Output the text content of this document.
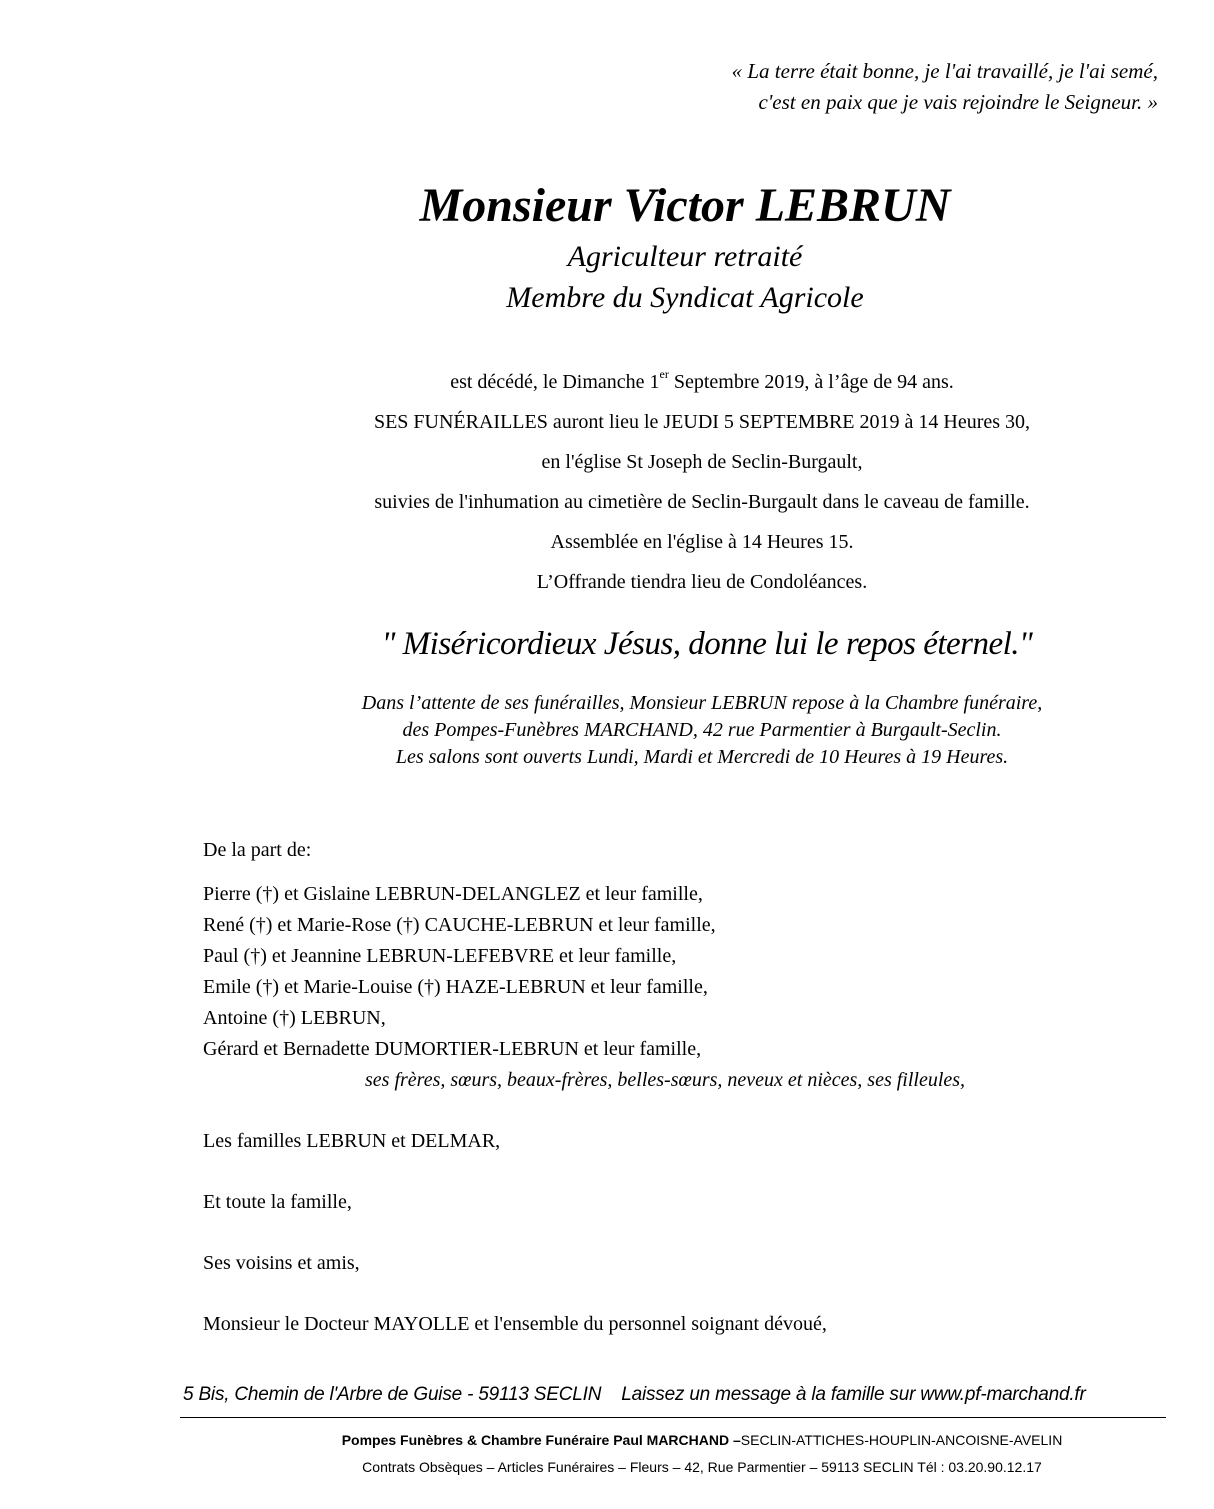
« La terre était bonne, je l'ai travaillé, je l'ai semé,
c'est en paix que je vais rejoindre le Seigneur. »
Monsieur Victor LEBRUN
Agriculteur retraité
Membre du Syndicat Agricole
est décédé, le Dimanche 1er Septembre 2019, à l’âge de 94 ans.
SES FUNÉRAILLES auront lieu le JEUDI 5 SEPTEMBRE 2019 à 14 Heures 30,
en l'église St Joseph de Seclin-Burgault,
suivies de l'inhumation au cimetière de Seclin-Burgault dans le caveau de famille.
Assemblée en l'église à 14 Heures 15.
L’Offrande tiendra lieu de Condoléances.
" Miséricordieux Jésus, donne lui le repos éternel."
Dans l’attente de ses funérailles, Monsieur LEBRUN repose à la Chambre funéraire,
des Pompes-Funèbres MARCHAND, 42 rue Parmentier à Burgault-Seclin.
Les salons sont ouverts Lundi, Mardi et Mercredi de 10 Heures à 19 Heures.
De la part de:
Pierre (†) et Gislaine LEBRUN-DELANGLEZ et leur famille,
René (†) et Marie-Rose (†) CAUCHE-LEBRUN et leur famille,
Paul (†) et Jeannine LEBRUN-LEFEBVRE et leur famille,
Emile (†) et Marie-Louise (†) HAZE-LEBRUN et leur famille,
Antoine (†) LEBRUN,
Gérard et Bernadette DUMORTIER-LEBRUN et leur famille,
ses frères, sœurs, beaux-frères, belles-sœurs, neveux et nièces, ses filleules,
Les familles LEBRUN et DELMAR,
Et toute la famille,
Ses voisins et amis,
Monsieur le Docteur MAYOLLE et l'ensemble du personnel soignant dévoué,
5 Bis, Chemin de l'Arbre de Guise - 59113 SECLIN Laissez un message à la famille sur www.pf-marchand.fr
Pompes Funèbres & Chambre Funéraire Paul MARCHAND –SECLIN-ATTICHES-HOUPLIN-ANCOISNE-AVELIN
Contrats Obsèques – Articles Funéraires – Fleurs – 42, Rue Parmentier – 59113 SECLIN Tél : 03.20.90.12.17
